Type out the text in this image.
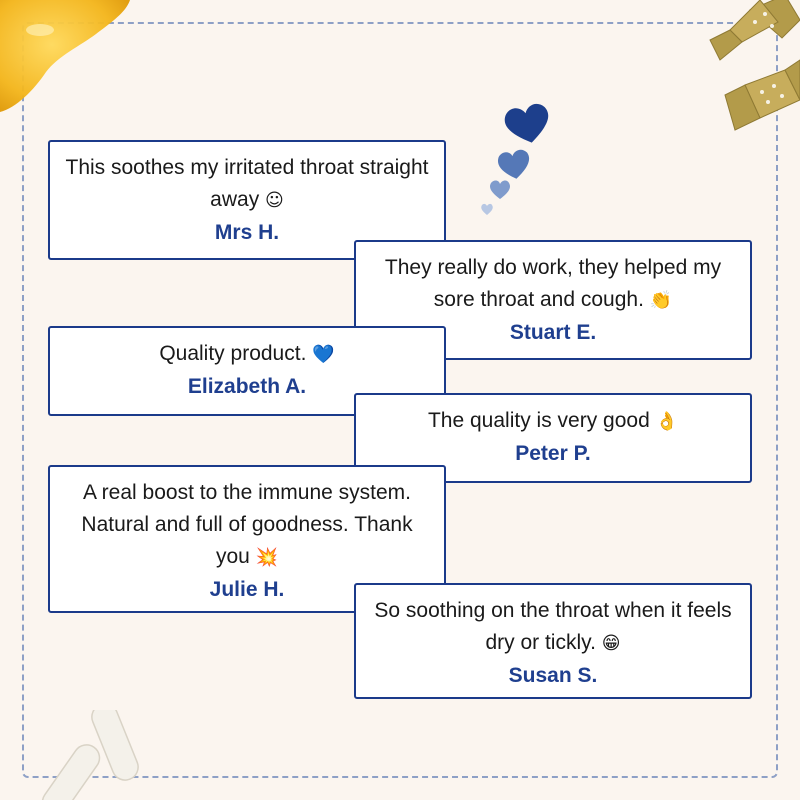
This soothes my irritated throat straight away ☺

Mrs H.

They really do work, they helped my sore throat and cough. 👏

Stuart E.

Quality product. 💙

Elizabeth A.

The quality is very good 👌

Peter P.

A real boost to the immune system. Natural and full of goodness. Thank you 💥

Julie H.

So soothing on the throat when it feels dry or tickly. 😁

Susan S.
